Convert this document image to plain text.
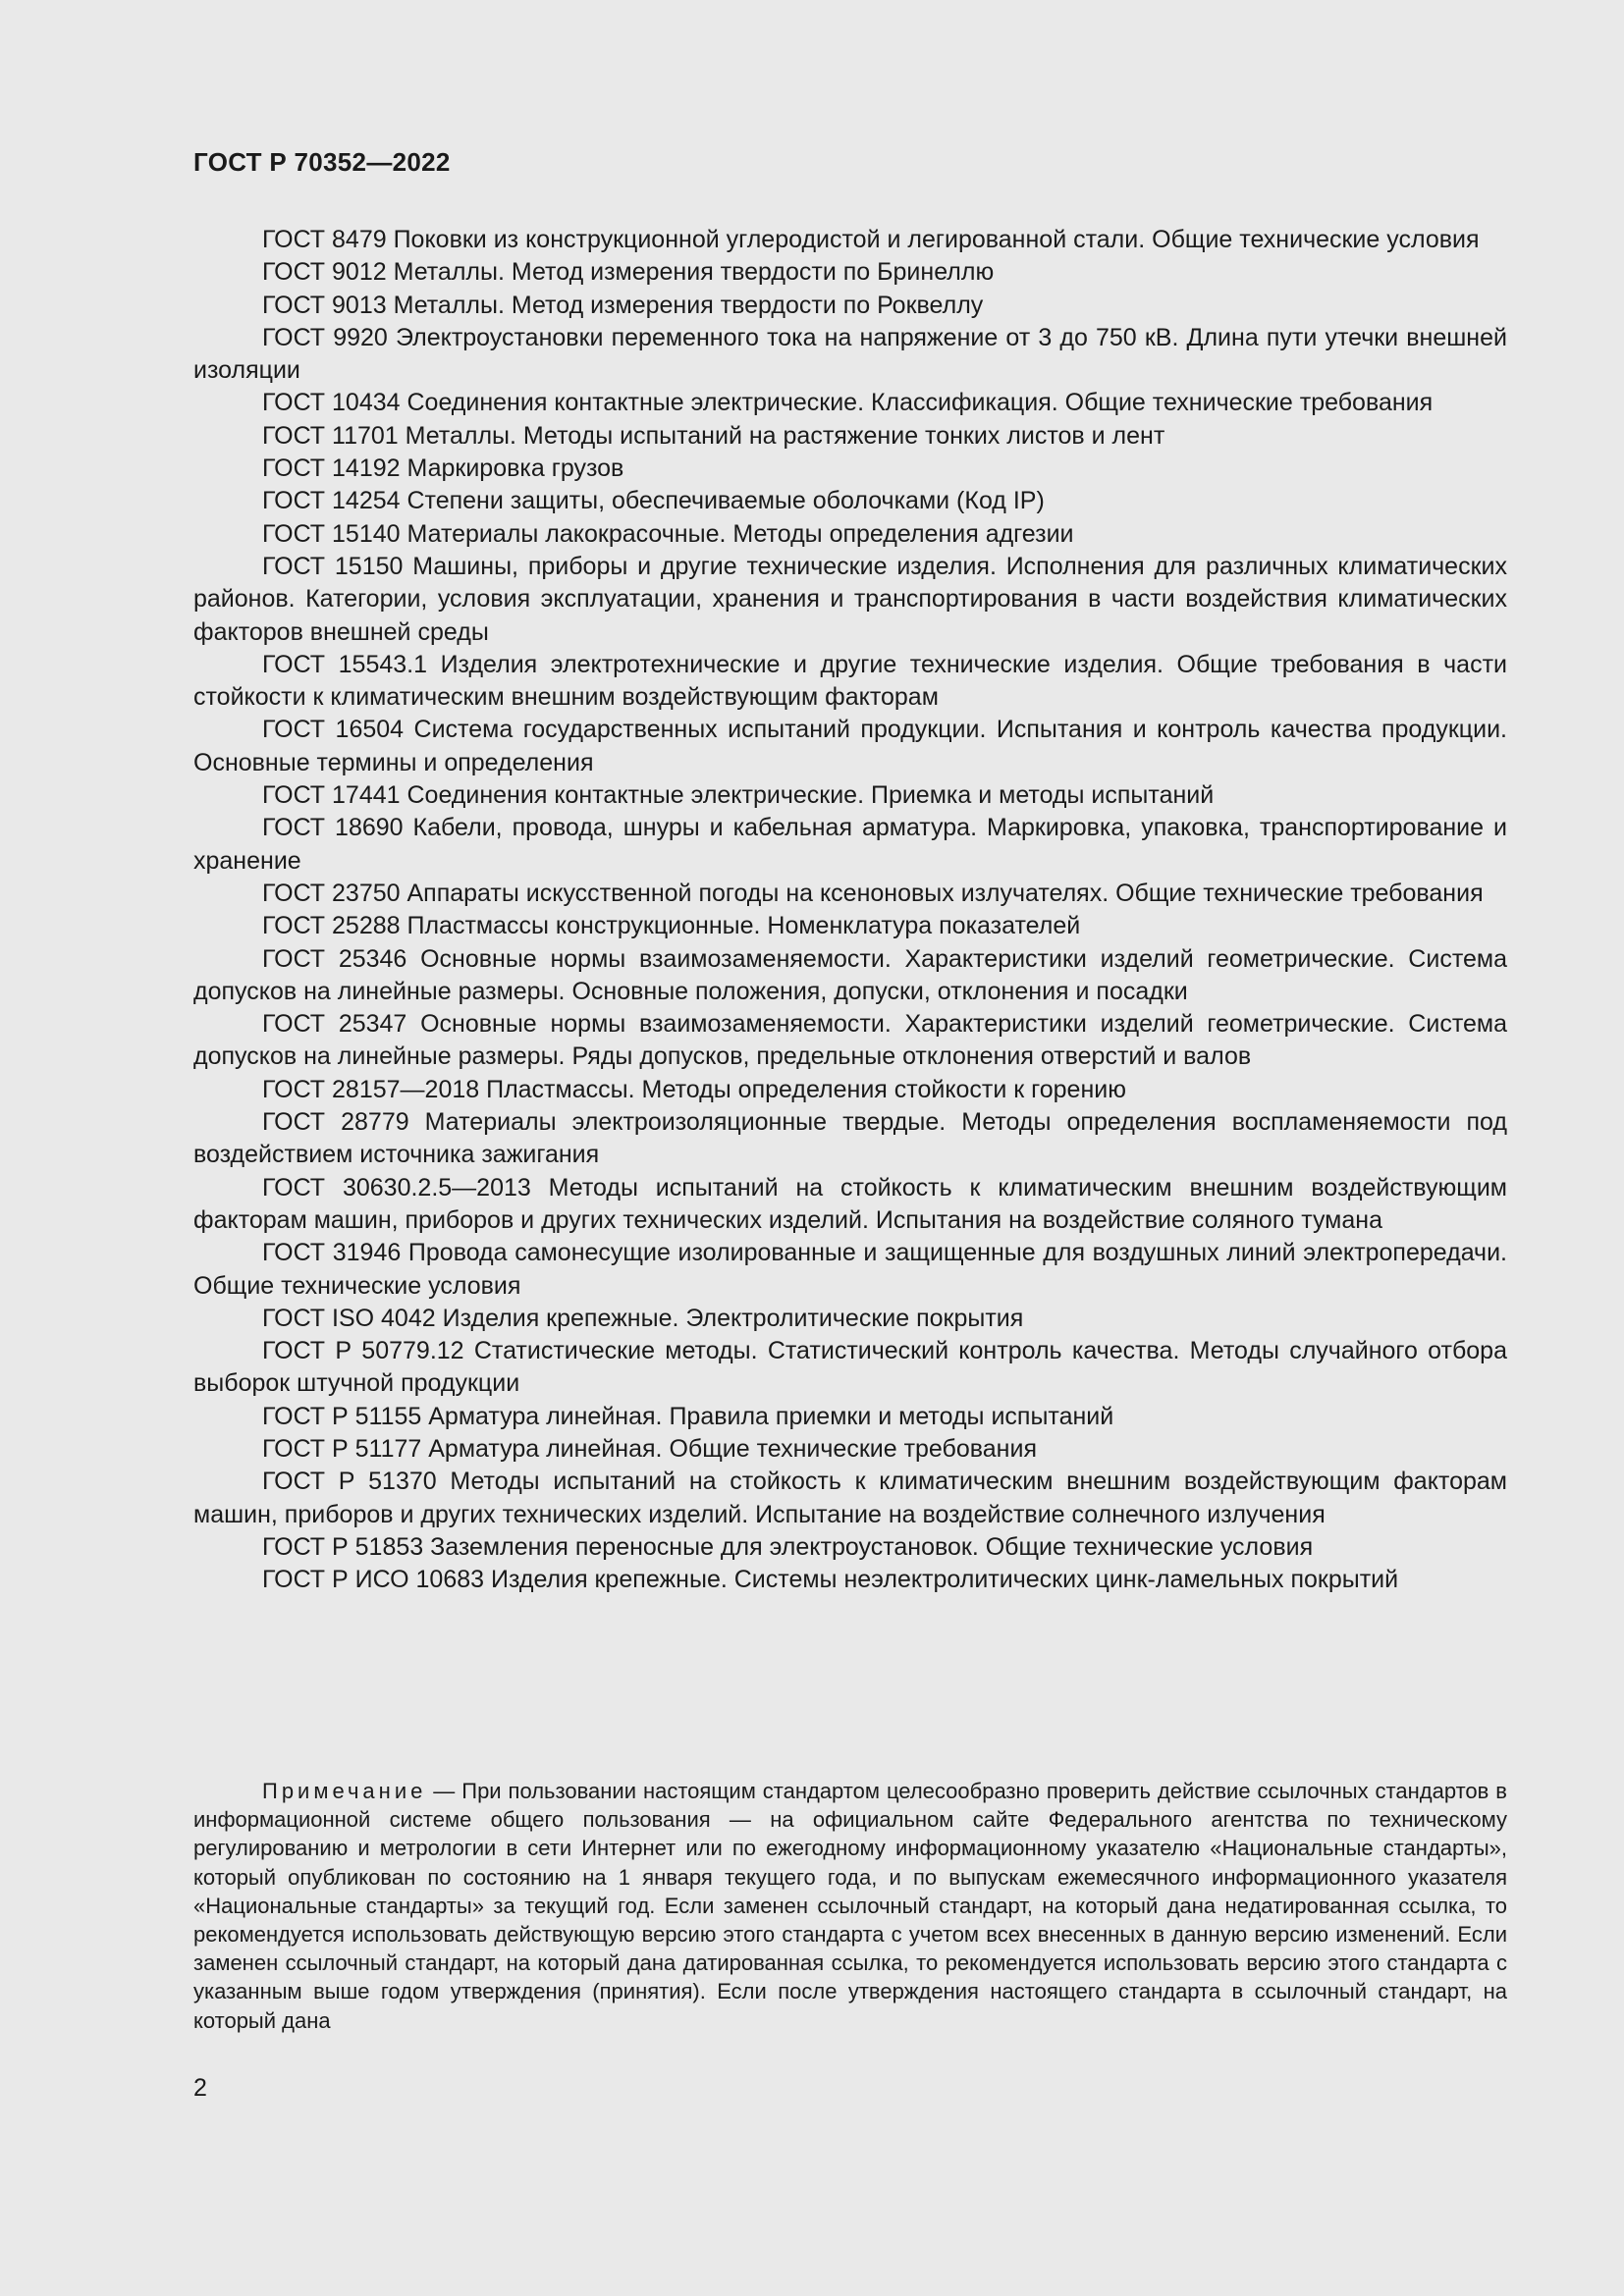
ГОСТ Р 70352—2022
ГОСТ 8479 Поковки из конструкционной углеродистой и легированной стали. Общие технические условия
ГОСТ 9012 Металлы. Метод измерения твердости по Бринеллю
ГОСТ 9013 Металлы. Метод измерения твердости по Роквеллу
ГОСТ 9920 Электроустановки переменного тока на напряжение от 3 до 750 кВ. Длина пути утечки внешней изоляции
ГОСТ 10434 Соединения контактные электрические. Классификация. Общие технические требования
ГОСТ 11701 Металлы. Методы испытаний на растяжение тонких листов и лент
ГОСТ 14192 Маркировка грузов
ГОСТ 14254 Степени защиты, обеспечиваемые оболочками (Код IP)
ГОСТ 15140 Материалы лакокрасочные. Методы определения адгезии
ГОСТ 15150 Машины, приборы и другие технические изделия. Исполнения для различных климатических районов. Категории, условия эксплуатации, хранения и транспортирования в части воздействия климатических факторов внешней среды
ГОСТ 15543.1 Изделия электротехнические и другие технические изделия. Общие требования в части стойкости к климатическим внешним воздействующим факторам
ГОСТ 16504 Система государственных испытаний продукции. Испытания и контроль качества продукции. Основные термины и определения
ГОСТ 17441 Соединения контактные электрические. Приемка и методы испытаний
ГОСТ 18690 Кабели, провода, шнуры и кабельная арматура. Маркировка, упаковка, транспортирование и хранение
ГОСТ 23750 Аппараты искусственной погоды на ксеноновых излучателях. Общие технические требования
ГОСТ 25288 Пластмассы конструкционные. Номенклатура показателей
ГОСТ 25346 Основные нормы взаимозаменяемости. Характеристики изделий геометрические. Система допусков на линейные размеры. Основные положения, допуски, отклонения и посадки
ГОСТ 25347 Основные нормы взаимозаменяемости. Характеристики изделий геометрические. Система допусков на линейные размеры. Ряды допусков, предельные отклонения отверстий и валов
ГОСТ 28157—2018 Пластмассы. Методы определения стойкости к горению
ГОСТ 28779 Материалы электроизоляционные твердые. Методы определения воспламеняемости под воздействием источника зажигания
ГОСТ 30630.2.5—2013 Методы испытаний на стойкость к климатическим внешним воздействующим факторам машин, приборов и других технических изделий. Испытания на воздействие соляного тумана
ГОСТ 31946 Провода самонесущие изолированные и защищенные для воздушных линий электропередачи. Общие технические условия
ГОСТ ISO 4042 Изделия крепежные. Электролитические покрытия
ГОСТ Р 50779.12 Статистические методы. Статистический контроль качества. Методы случайного отбора выборок штучной продукции
ГОСТ Р 51155 Арматура линейная. Правила приемки и методы испытаний
ГОСТ Р 51177 Арматура линейная. Общие технические требования
ГОСТ Р 51370 Методы испытаний на стойкость к климатическим внешним воздействующим факторам машин, приборов и других технических изделий. Испытание на воздействие солнечного излучения
ГОСТ Р 51853 Заземления переносные для электроустановок. Общие технические условия
ГОСТ Р ИСО 10683 Изделия крепежные. Системы неэлектролитических цинк-ламельных покрытий

Примечание — При пользовании настоящим стандартом целесообразно проверить действие ссылочных стандартов в информационной системе общего пользования — на официальном сайте Федерального агентства по техническому регулированию и метрологии в сети Интернет или по ежегодному информационному указателю «Национальные стандарты», который опубликован по состоянию на 1 января текущего года, и по выпускам ежемесячного информационного указателя «Национальные стандарты» за текущий год. Если заменен ссылочный стандарт, на который дана недатированная ссылка, то рекомендуется использовать действующую версию этого стандарта с учетом всех внесенных в данную версию изменений. Если заменен ссылочный стандарт, на который дана датированная ссылка, то рекомендуется использовать версию этого стандарта с указанным выше годом утверждения (принятия). Если после утверждения настоящего стандарта в ссылочный стандарт, на который дана

2
